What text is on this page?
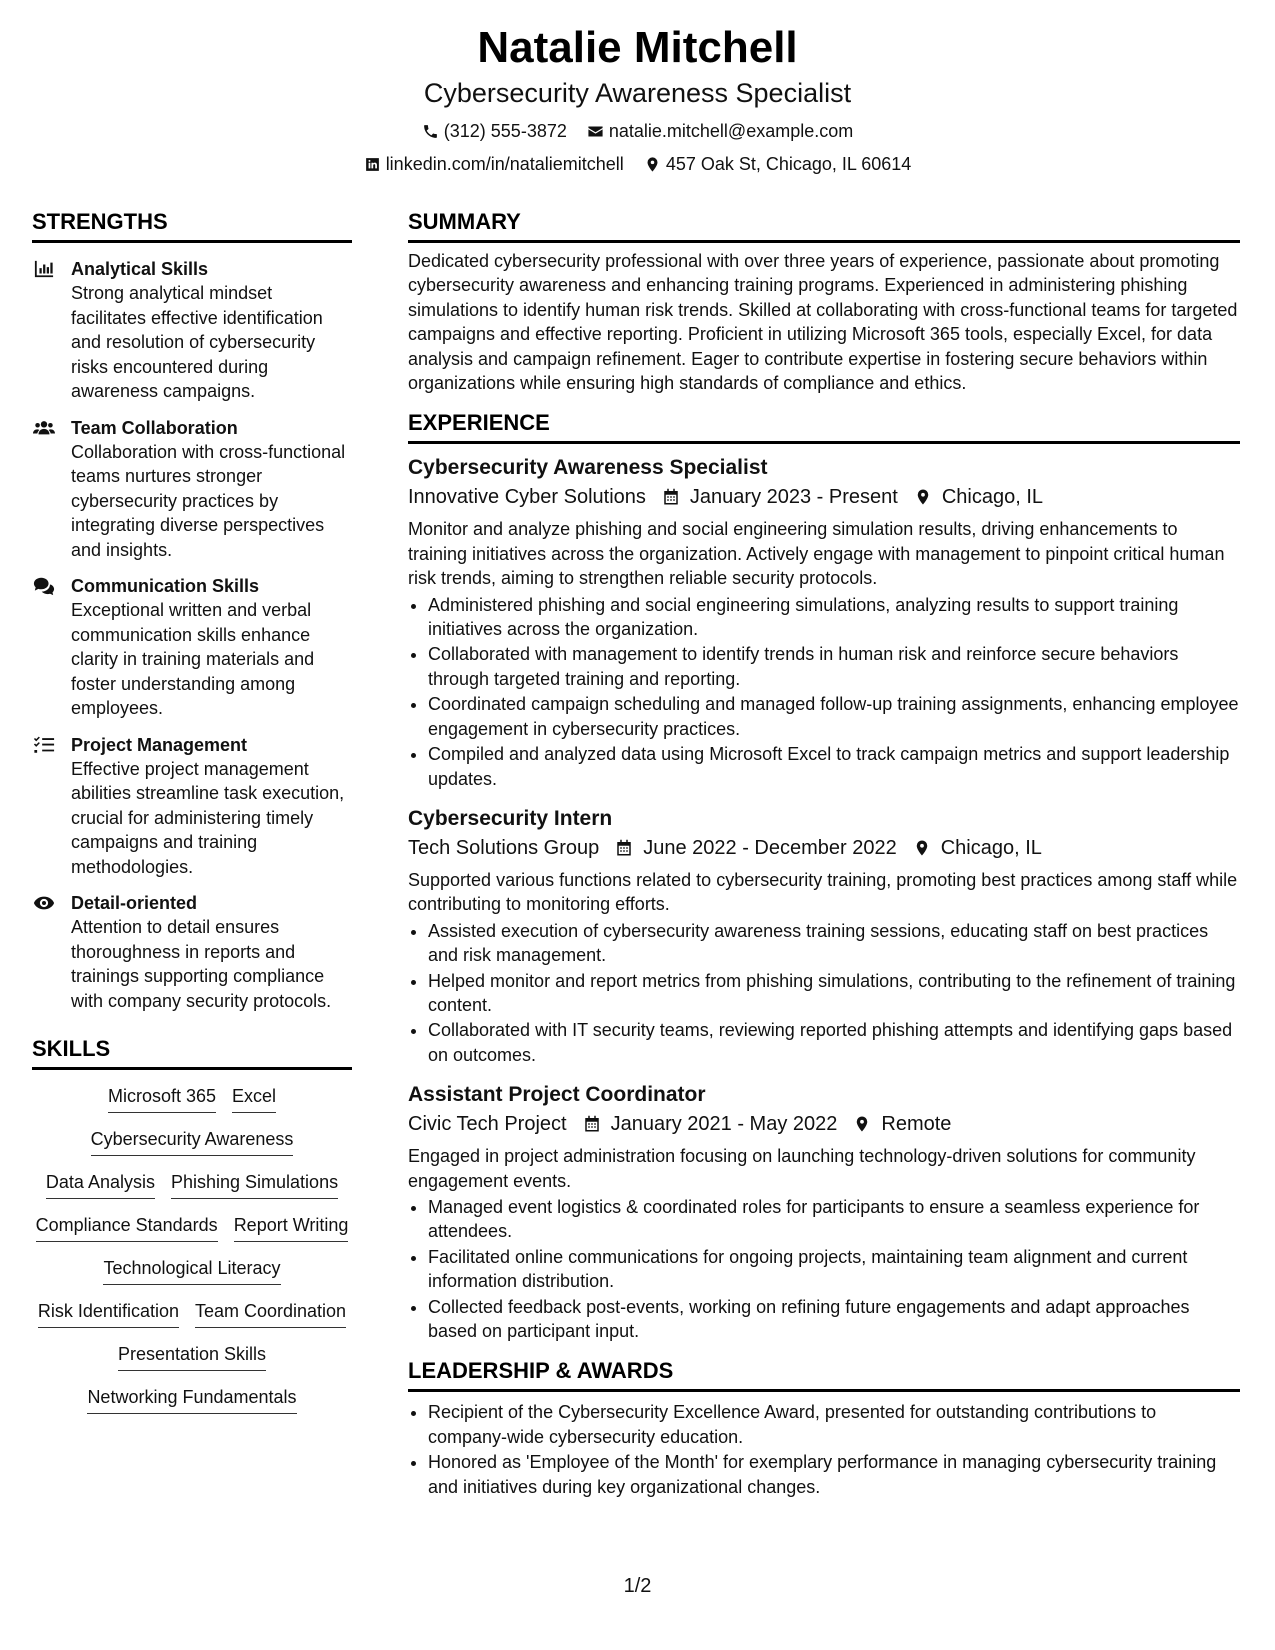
Natalie Mitchell
Cybersecurity Awareness Specialist
(312) 555-3872 natalie.mitchell@example.com
linkedin.com/in/nataliemitchell 457 Oak St, Chicago, IL 60614
STRENGTHS
Analytical Skills
Strong analytical mindset facilitates effective identification and resolution of cybersecurity risks encountered during awareness campaigns.
Team Collaboration
Collaboration with cross-functional teams nurtures stronger cybersecurity practices by integrating diverse perspectives and insights.
Communication Skills
Exceptional written and verbal communication skills enhance clarity in training materials and foster understanding among employees.
Project Management
Effective project management abilities streamline task execution, crucial for administering timely campaigns and training methodologies.
Detail-oriented
Attention to detail ensures thoroughness in reports and trainings supporting compliance with company security protocols.
SKILLS
Microsoft 365 Excel
Cybersecurity Awareness
Data Analysis Phishing Simulations
Compliance Standards Report Writing
Technological Literacy
Risk Identification Team Coordination
Presentation Skills
Networking Fundamentals
SUMMARY
Dedicated cybersecurity professional with over three years of experience, passionate about promoting cybersecurity awareness and enhancing training programs. Experienced in administering phishing simulations to identify human risk trends. Skilled at collaborating with cross-functional teams for targeted campaigns and effective reporting. Proficient in utilizing Microsoft 365 tools, especially Excel, for data analysis and campaign refinement. Eager to contribute expertise in fostering secure behaviors within organizations while ensuring high standards of compliance and ethics.
EXPERIENCE
Cybersecurity Awareness Specialist
Innovative Cyber Solutions January 2023 - Present Chicago, IL
Monitor and analyze phishing and social engineering simulation results, driving enhancements to training initiatives across the organization. Actively engage with management to pinpoint critical human risk trends, aiming to strengthen reliable security protocols.
• Administered phishing and social engineering simulations, analyzing results to support training initiatives across the organization.
• Collaborated with management to identify trends in human risk and reinforce secure behaviors through targeted training and reporting.
• Coordinated campaign scheduling and managed follow-up training assignments, enhancing employee engagement in cybersecurity practices.
• Compiled and analyzed data using Microsoft Excel to track campaign metrics and support leadership updates.
Cybersecurity Intern
Tech Solutions Group June 2022 - December 2022 Chicago, IL
Supported various functions related to cybersecurity training, promoting best practices among staff while contributing to monitoring efforts.
• Assisted execution of cybersecurity awareness training sessions, educating staff on best practices and risk management.
• Helped monitor and report metrics from phishing simulations, contributing to the refinement of training content.
• Collaborated with IT security teams, reviewing reported phishing attempts and identifying gaps based on outcomes.
Assistant Project Coordinator
Civic Tech Project January 2021 - May 2022 Remote
Engaged in project administration focusing on launching technology-driven solutions for community engagement events.
• Managed event logistics & coordinated roles for participants to ensure a seamless experience for attendees.
• Facilitated online communications for ongoing projects, maintaining team alignment and current information distribution.
• Collected feedback post-events, working on refining future engagements and adapt approaches based on participant input.
LEADERSHIP & AWARDS
• Recipient of the Cybersecurity Excellence Award, presented for outstanding contributions to company-wide cybersecurity education.
• Honored as 'Employee of the Month' for exemplary performance in managing cybersecurity training and initiatives during key organizational changes.
1/2
